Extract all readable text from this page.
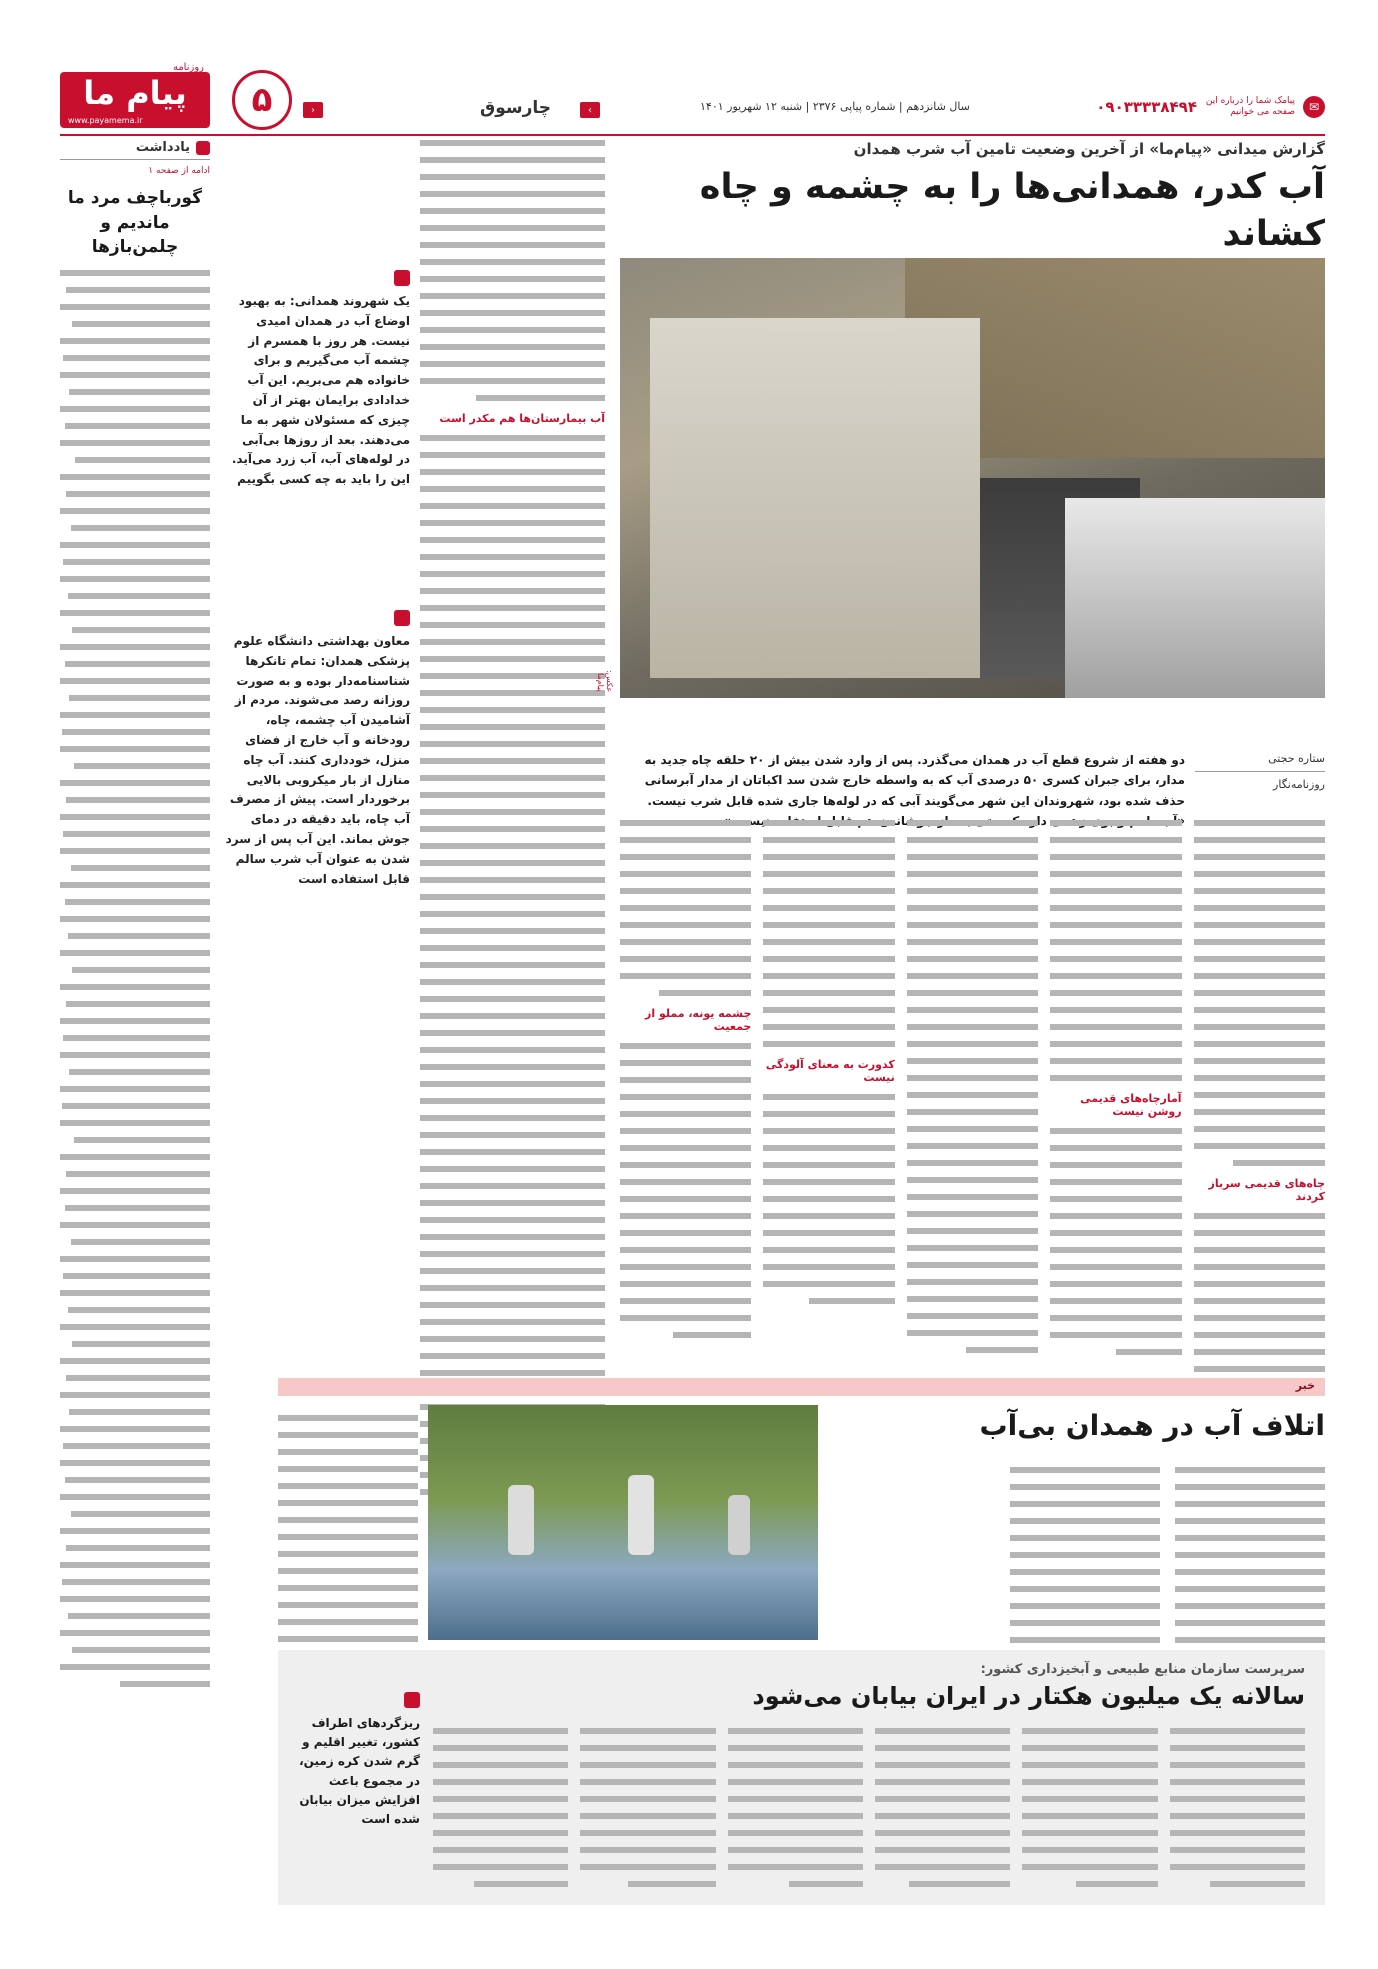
پیام ما
روزنامه
www.payamema.ir
۵	‹	چارسوق	›	سال شانزدهم | شماره پیاپی ۲۳۷۶ | شنبه ۱۲ شهریور ۱۴۰۱	✉
پیامک شما را درباره این صفحه می خوانیم
۰۹۰۳۳۳۳۸۴۹۴
یادداشت
ادامه از صفحه ۱
گورباچف مرد ما ماندیم و چلمن‌بازها
یک شهروند همدانی: به بهبود اوضاع آب در همدان امیدی نیست. هر روز با همسرم از چشمه آب می‌گیریم و برای خانواده هم می‌بریم. این آب خدادادی برایمان بهتر از آن چیزی که مسئولان شهر به ما می‌دهند. بعد از روزها بی‌آبی در لوله‌های آب، آب زرد می‌آید. این را باید به چه کسی بگوییم
معاون بهداشتی دانشگاه علوم پزشکی همدان: تمام تانکرها شناسنامه‌دار بوده و به صورت روزانه رصد می‌شوند. مردم از آشامیدن آب چشمه، چاه، رودخانه و آب خارج از فضای منزل، خودداری کنند. آب چاه منازل از بار میکروبی بالایی برخوردار است. پیش از مصرف آب چاه، باید دقیقه در دمای جوش بماند. این آب پس از سرد شدن به عنوان آب شرب سالم قابل استفاده است
آب بیمارستان‌ها هم مکدر است
گزارش میدانی «پیام‌ما» از آخرین وضعیت تامین آب شرب همدان
آب کدر، همدانی‌ها را به چشمه و چاه کشاند
عکس: پیام‌ما
ستاره حجتی
روزنامه‌نگار
دو هفته از شروع قطع آب در همدان می‌گذرد. پس از وارد شدن بیش از ۲۰ حلقه چاه جدید به مدار، برای جبران کسری ۵۰ درصدی آب که به واسطه خارج شدن سد اکباتان از مدار آبرسانی حذف شده بود، شهروندان این شهر می‌گویند آبی که در لوله‌ها جاری شده قابل شرب نیست. «آب طعم و بوی زهمی دارد که حتی بعد از جوشاندن هم قابل استفاده نیست.»
چاه‌های قدیمی سرباز کردند
آمارچاه‌های قدیمی روشن نیست
کدورت به معنای آلودگی نیست
چشمه یونه، مملو از جمعیت
خبر
اتلاف آب در همدان بی‌آب
سرپرست سازمان منابع طبیعی و آبخیزداری کشور:
سالانه یک میلیون هکتار در ایران بیابان می‌شود
ریزگردهای اطراف کشور، تغییر اقلیم و گرم شدن کره زمین، در مجموع باعث افزایش میزان بیابان شده است
